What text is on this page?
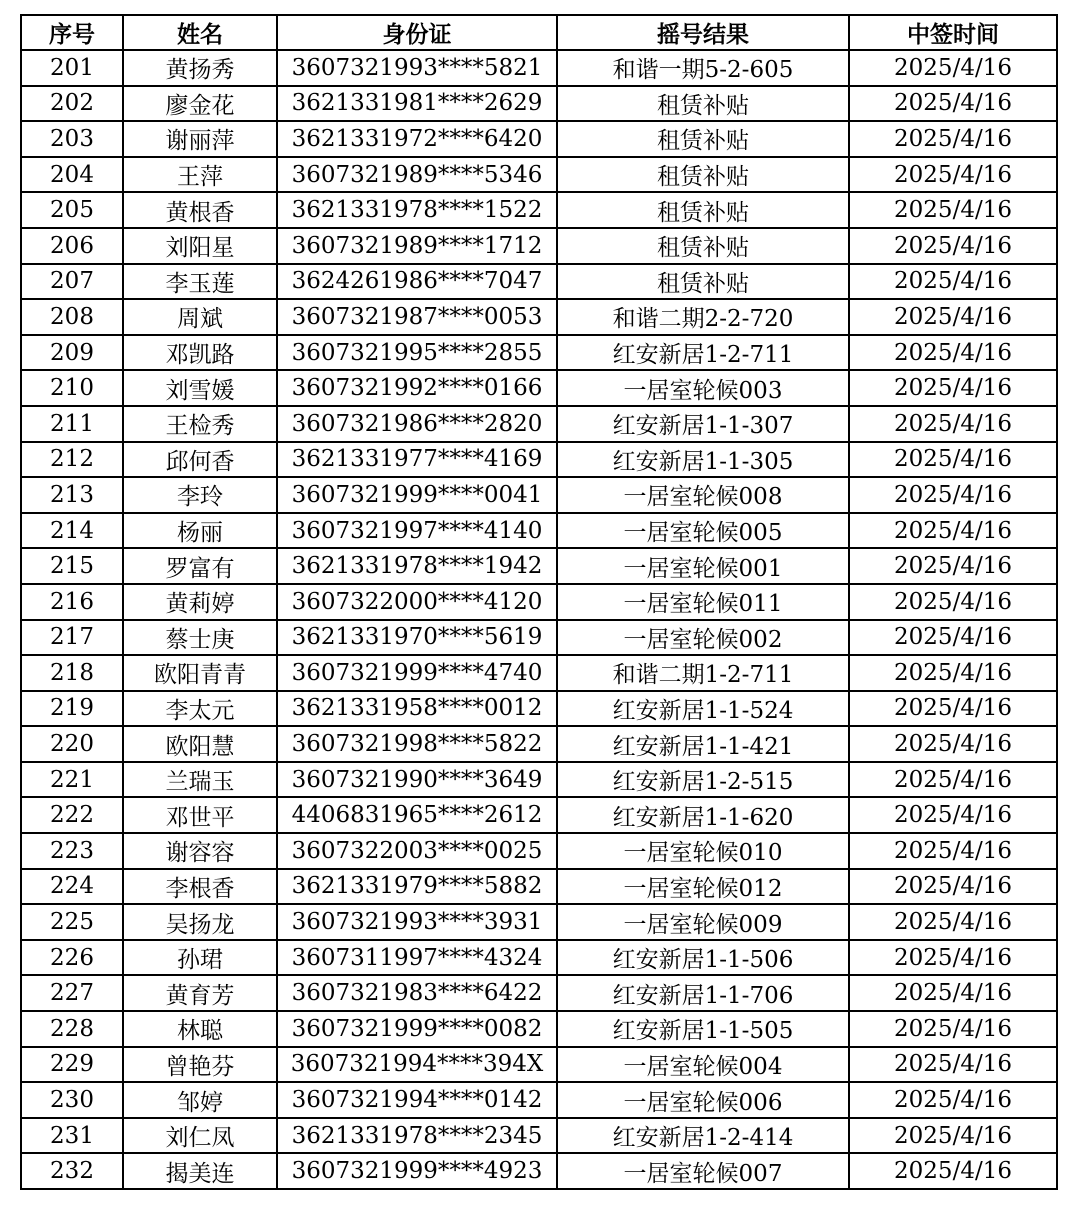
序号	姓名	身份证	摇号结果	中签时间
201	黄扬秀	3607321993****5821	和谐一期5-2-605	2025/4/16
202	廖金花	3621331981****2629	租赁补贴	2025/4/16
203	谢丽萍	3621331972****6420	租赁补贴	2025/4/16
204	王萍	3607321989****5346	租赁补贴	2025/4/16
205	黄根香	3621331978****1522	租赁补贴	2025/4/16
206	刘阳星	3607321989****1712	租赁补贴	2025/4/16
207	李玉莲	3624261986****7047	租赁补贴	2025/4/16
208	周斌	3607321987****0053	和谐二期2-2-720	2025/4/16
209	邓凯路	3607321995****2855	红安新居1-2-711	2025/4/16
210	刘雪媛	3607321992****0166	一居室轮候003	2025/4/16
211	王检秀	3607321986****2820	红安新居1-1-307	2025/4/16
212	邱何香	3621331977****4169	红安新居1-1-305	2025/4/16
213	李玲	3607321999****0041	一居室轮候008	2025/4/16
214	杨丽	3607321997****4140	一居室轮候005	2025/4/16
215	罗富有	3621331978****1942	一居室轮候001	2025/4/16
216	黄莉婷	3607322000****4120	一居室轮候011	2025/4/16
217	蔡士庚	3621331970****5619	一居室轮候002	2025/4/16
218	欧阳青青	3607321999****4740	和谐二期1-2-711	2025/4/16
219	李太元	3621331958****0012	红安新居1-1-524	2025/4/16
220	欧阳慧	3607321998****5822	红安新居1-1-421	2025/4/16
221	兰瑞玉	3607321990****3649	红安新居1-2-515	2025/4/16
222	邓世平	4406831965****2612	红安新居1-1-620	2025/4/16
223	谢容容	3607322003****0025	一居室轮候010	2025/4/16
224	李根香	3621331979****5882	一居室轮候012	2025/4/16
225	吴扬龙	3607321993****3931	一居室轮候009	2025/4/16
226	孙珺	3607311997****4324	红安新居1-1-506	2025/4/16
227	黄育芳	3607321983****6422	红安新居1-1-706	2025/4/16
228	林聪	3607321999****0082	红安新居1-1-505	2025/4/16
229	曾艳芬	3607321994****394X	一居室轮候004	2025/4/16
230	邹婷	3607321994****0142	一居室轮候006	2025/4/16
231	刘仁凤	3621331978****2345	红安新居1-2-414	2025/4/16
232	揭美连	3607321999****4923	一居室轮候007	2025/4/16
